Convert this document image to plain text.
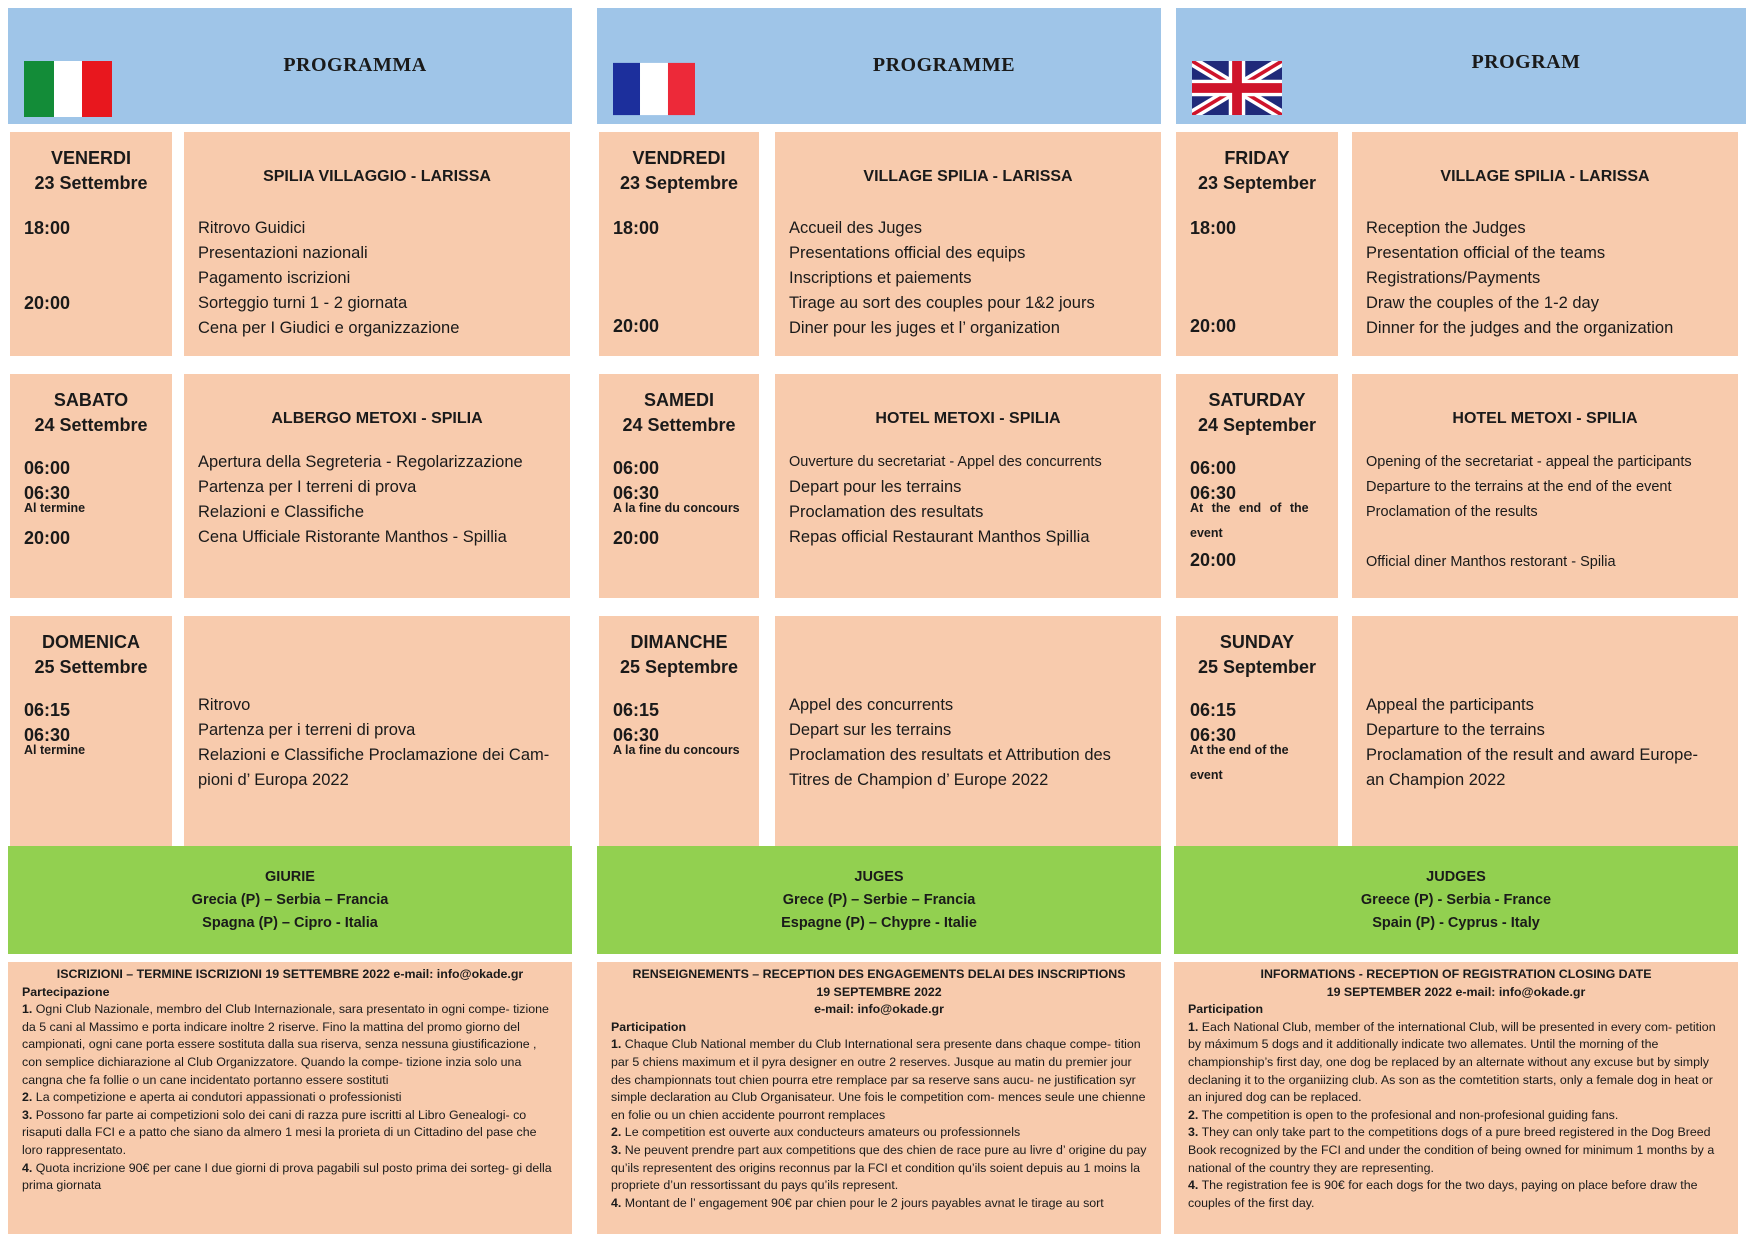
PROGRAMMA
VENERDI
23 Settembre
18:00
20:00
SPILIA VILLAGGIO - LARISSA
Ritrovo Guidici
Presentazioni nazionali
Pagamento iscrizioni
Sorteggio turni 1 - 2 giornata
Cena per I Giudici e organizzazione
SABATO
24 Settembre
06:00
06:30
Al termine
20:00
ALBERGO METOXI - SPILIA
Apertura della Segreteria - Regolarizzazione
Partenza per I terreni di prova
Relazioni e Classifiche
Cena Ufficiale Ristorante Manthos - Spillia
DOMENICA
25 Settembre
06:15
06:30
Al termine
Ritrovo
Partenza per i terreni di prova
Relazioni e Classifiche Proclamazione dei Cam-
pioni d’ Europa 2022
GIURIE
Grecia (P) – Serbia – Francia
Spagna (P) – Cipro - Italia
ISCRIZIONI – TERMINE ISCRIZIONI 19 SETTEMBRE 2022 e-mail: info@okade.gr
Partecipazione

1. Ogni Club Nazionale, membro del Club Internazionale, sara presentato in ogni compe- tizione da 5 cani al Massimo e porta indicare inoltre 2 riserve. Fino la mattina del promo giorno del campionati, ogni cane porta essere sostituta dalla sua riserva, senza nessuna giustificazione , con semplice dichiarazione al Club Organizzatore. Quando la compe- tizione inzia solo una cangna che fa follie o un cane incidentato portanno essere sostituti

2. La competizione e aperta ai condutori appassionati o professionisti

3. Possono far parte ai competizioni solo dei cani di razza pure iscritti al Libro Genealogi- co risaputi dalla FCI e a patto che siano da almero 1 mesi la prorieta di un Cittadino del pase che loro rappresentato.

4. Quota incrizione 90€ per cane I due giorni di prova pagabili sul posto prima dei sorteg- gi della prima giornata

PROGRAMME
VENDREDI
23 Septembre
18:00
20:00
VILLAGE SPILIA - LARISSA
Accueil des Juges
Presentations official des equips
Inscriptions et paiements
Tirage au sort des couples pour 1&2 jours
Diner pour les juges et l’ organization
SAMEDI
24 Settembre
06:00
06:30
A la fine du concours
20:00
HOTEL METOXI - SPILIA
Ouverture du secretariat - Appel des concurrents
Depart pour les terrains
Proclamation des resultats
Repas official Restaurant Manthos Spillia
DIMANCHE
25 Septembre
06:15
06:30
A la fine du concours
Appel des concurrents
Depart sur les terrains
Proclamation des resultats et Attribution des
Titres de Champion d’ Europe 2022
JUGES
Grece (P) – Serbie – Francia
Espagne (P) – Chypre - Italie
RENSEIGNEMENTS – RECEPTION DES ENGAGEMENTS DELAI DES INSCRIPTIONS
19 SEPTEMBRE 2022
e-mail: info@okade.gr
Participation

1. Chaque Club National member du Club International sera presente dans chaque compe- tition par 5 chiens maximum et il pyra designer en outre 2 reserves. Jusque au matin du premier jour des championnats tout chien pourra etre remplace par sa reserve sans aucu- ne justification syr simple declaration au Club Organisateur. Une fois le competition com- mences seule une chienne en folie ou un chien accidente pourront remplaces

2. Le competition est ouverte aux conducteurs amateurs ou professionnels

3. Ne peuvent prendre part aux competitions que des chien de race pure au livre d’ origine du pay qu’ils representent des origins reconnus par la FCI et condition qu’ils soient depuis au 1 moins la propriete d’un ressortissant du pays qu’ils represent.

4. Montant de l’ engagement 90€ par chien pour le 2 jours payables avnat le tirage au sort

PROGRAM
FRIDAY
23 September
18:00
20:00
VILLAGE SPILIA - LARISSA
Reception the Judges
Presentation official of the teams
Registrations/Payments
Draw the couples of the 1-2 day
Dinner for the judges and the organization
SATURDAY
24 September
06:00
06:30
At the end of the event
20:00
HOTEL METOXI - SPILIA
Opening of the secretariat - appeal the participants
Departure to the terrains at the end of the event
Proclamation of the results
Official diner Manthos restorant - Spilia
SUNDAY
25 September
06:15
06:30
At the end of the event
Appeal the participants
Departure to the terrains
Proclamation of the result and award Europe-
an Champion 2022
JUDGES
Greece (P) - Serbia - France
Spain (P) - Cyprus - Italy
INFORMATIONS - RECEPTION OF REGISTRATION CLOSING DATE
19 SEPTEMBER 2022 e-mail: info@okade.gr
Participation

1. Each National Club, member of the international Club, will be presented in every com- petition by máximum 5 dogs and it additionally indicate two allemates. Until the morning of the championship’s first day, one dog be replaced by an alternate without any excuse but by simply declaning it to the organiizing club. As son as the comtetition starts, only a female dog in heat or an injured dog can be replaced.

2. The competition is open to the profesional and non-profesional guiding fans.

3. They can only take part to the competitions dogs of a pure breed registered in the Dog Breed Book recognized by the FCI and under the condition of being owned for minimum 1 months by a national of the country they are representing.

4. The registration fee is 90€ for each dogs for the two days, paying on place before draw the couples of the first day.
